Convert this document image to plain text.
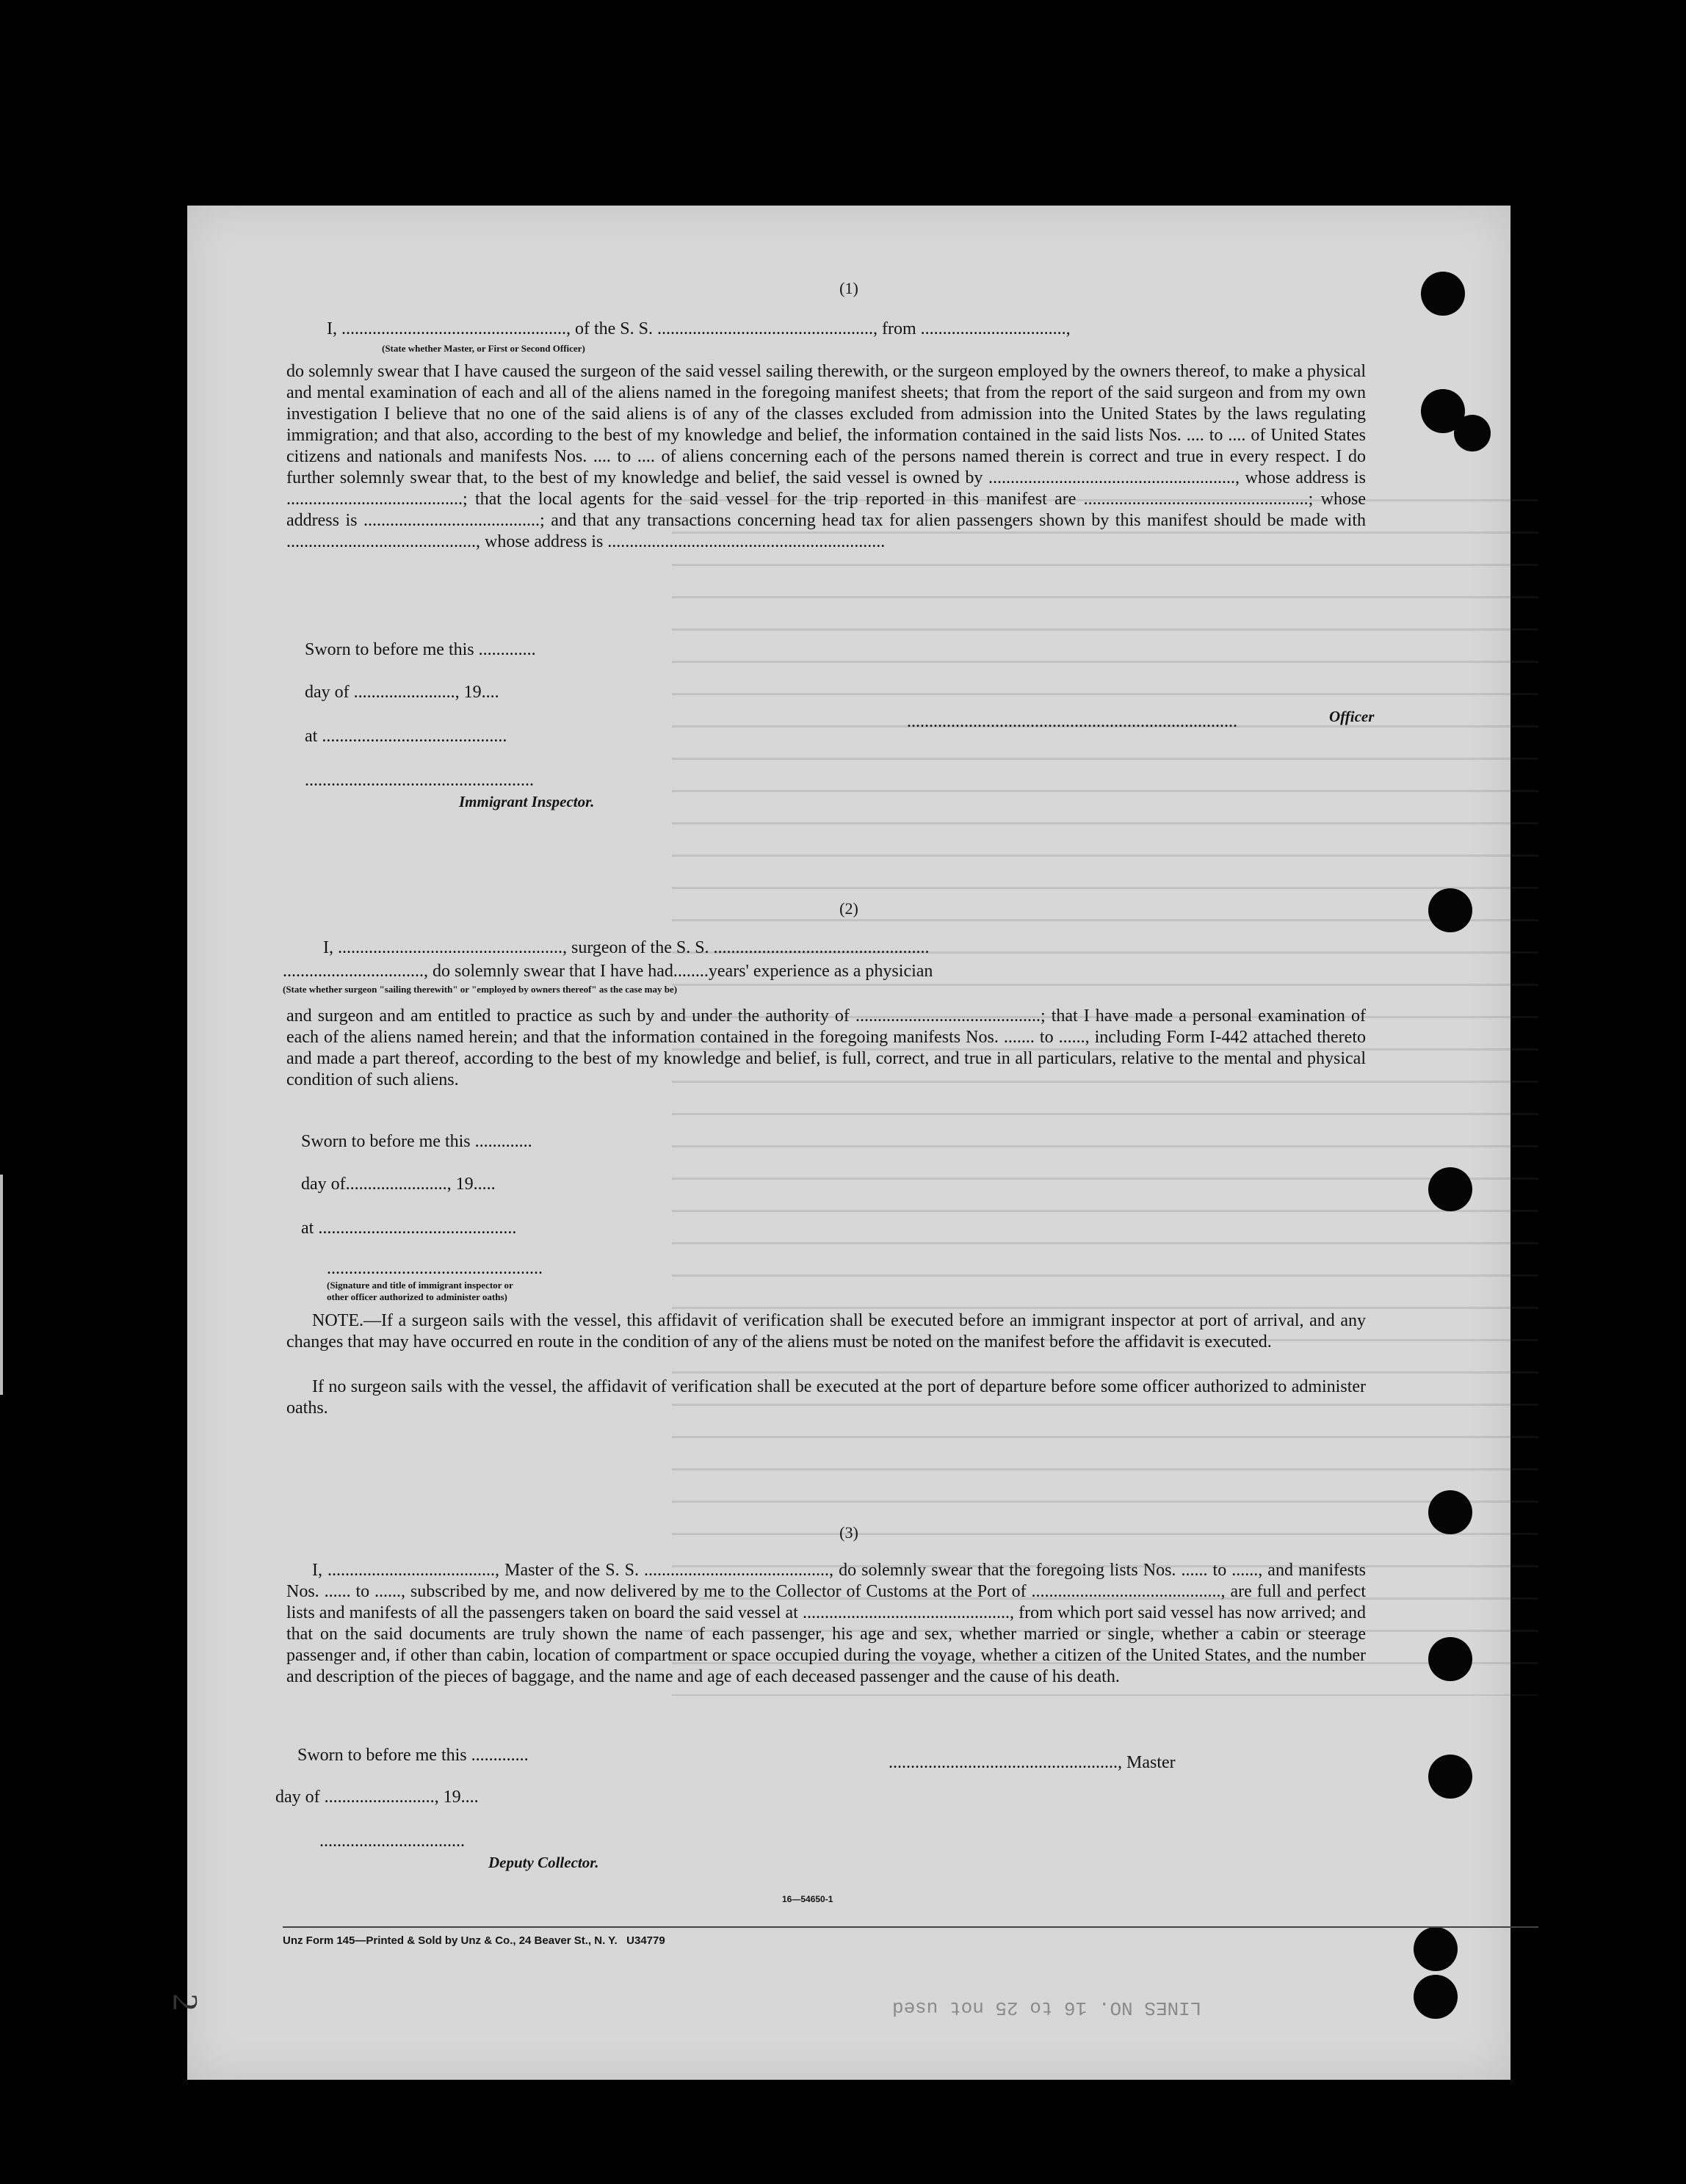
(1)
I, ..................................................., of the S. S. ................................................., from .................................,
(State whether Master, or First or Second Officer)
do solemnly swear that I have caused the surgeon of the said vessel sailing therewith, or the surgeon employed by the owners thereof, to make a physical and mental examination of each and all of the aliens named in the foregoing manifest sheets; that from the report of the said surgeon and from my own investigation I believe that no one of the said aliens is of any of the classes excluded from admission into the United States by the laws regulating immigration; and that also, according to the best of my knowledge and belief, the information contained in the said lists Nos. .... to .... of United States citizens and nationals and manifests Nos. .... to .... of aliens concerning each of the persons named therein is correct and true in every respect. I do further solemnly swear that, to the best of my knowledge and belief, the said vessel is owned by ........................................................, whose address is ........................................; that the local agents for the said vessel for the trip reported in this manifest are ...................................................; whose address is ........................................; and that any transactions concerning head tax for alien passengers shown by this manifest should be made with ..........................................., whose address is ...............................................................
Sworn to before me this .............
day of ......................., 19....
...........................................................................	Officer
at ..........................................
....................................................
Immigrant Inspector.
(2)
I, ..................................................., surgeon of the S. S. .................................................
................................, do solemnly swear that I have had........years' experience as a physician
(State whether surgeon "sailing therewith" or "employed by owners thereof" as the case may be)
and surgeon and am entitled to practice as such by and under the authority of ..........................................; that I have made a personal examination of each of the aliens named herein; and that the information contained in the foregoing manifests Nos. ....... to ......, including Form I-442 attached thereto and made a part thereof, according to the best of my knowledge and belief, is full, correct, and true in all particulars, relative to the mental and physical condition of such aliens.
Sworn to before me this .............
day of......................., 19.....
at .............................................
.................................................
(Signature and title of immigrant inspector or
other officer authorized to administer oaths)
NOTE.—If a surgeon sails with the vessel, this affidavit of verification shall be executed before an immigrant inspector at port of arrival, and any changes that may have occurred en route in the condition of any of the aliens must be noted on the manifest before the affidavit is executed.
If no surgeon sails with the vessel, the affidavit of verification shall be executed at the port of departure before some officer authorized to administer oaths.
(3)
I, ......................................, Master of the S. S. .........................................., do solemnly swear that the foregoing lists Nos. ...... to ......, and manifests Nos. ...... to ......, subscribed by me, and now delivered by me to the Collector of Customs at the Port of ..........................................., are full and perfect lists and manifests of all the passengers taken on board the said vessel at ..............................................., from which port said vessel has now arrived; and that on the said documents are truly shown the name of each passenger, his age and sex, whether married or single, whether a cabin or steerage passenger and, if other than cabin, location of compartment or space occupied during the voyage, whether a citizen of the United States, and the number and description of the pieces of baggage, and the name and age of each deceased passenger and the cause of his death.
Sworn to before me this .............	...................................................., Master
day of ........................., 19....
.................................
Deputy Collector.
16—54650-1
Unz Form 145—Printed & Sold by Unz & Co., 24 Beaver St., N. Y.   U34779
LINES NO. 16 to 25 not used
2
